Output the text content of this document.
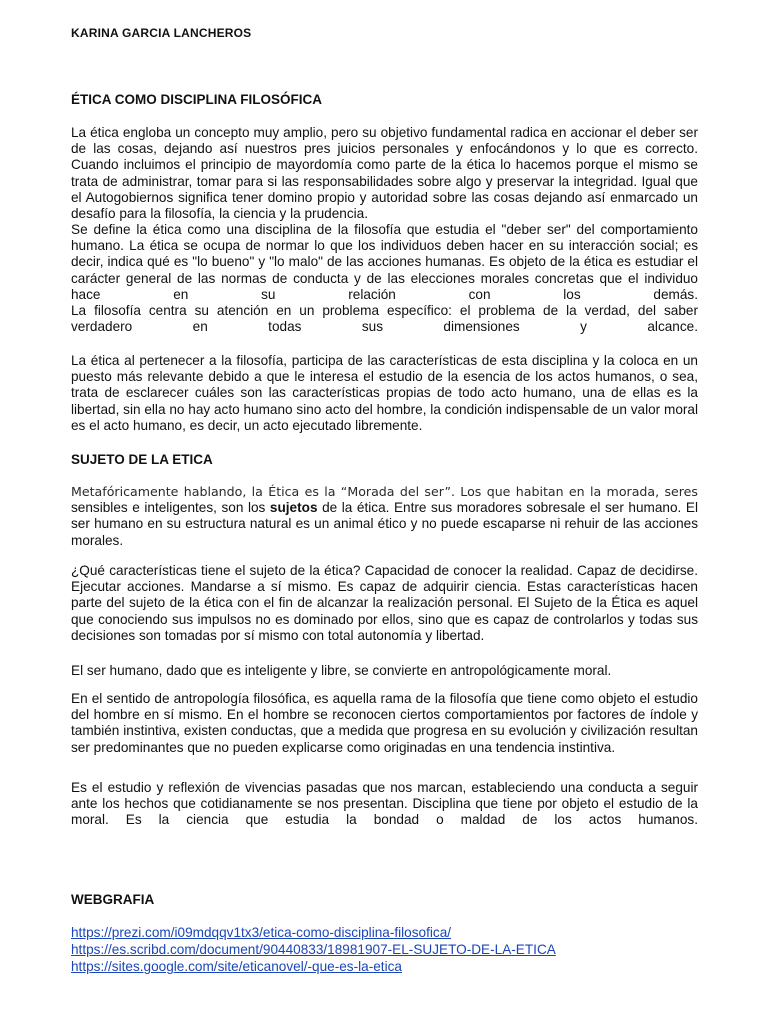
KARINA GARCIA LANCHEROS
ÉTICA COMO DISCIPLINA FILOSÓFICA

La ética engloba un concepto muy amplio, pero su objetivo fundamental radica en accionar el deber ser de las cosas, dejando así nuestros pres juicios personales y enfocándonos y lo que es correcto. Cuando incluimos el principio de mayordomía como parte de la ética lo hacemos porque el mismo se trata de administrar, tomar para si las responsabilidades sobre algo y preservar la integridad. Igual que el Autogobiernos significa tener domino propio y autoridad sobre las cosas dejando así enmarcado un desafío para la filosofía, la ciencia y la prudencia.

Se define la ética como una disciplina de la filosofía que estudia el "deber ser" del comportamiento humano. La ética se ocupa de normar lo que los individuos deben hacer en su interacción social; es decir, indica qué es "lo bueno" y "lo malo" de las acciones humanas. Es objeto de la ética es estudiar el carácter general de las normas de conducta y de las elecciones morales concretas que el individuo hace en su relación con los demás.

La filosofía centra su atención en un problema específico: el problema de la verdad, del saber verdadero en todas sus dimensiones y alcance.

La ética al pertenecer a la filosofía, participa de las características de esta disciplina y la coloca en un puesto más relevante debido a que le interesa el estudio de la esencia de los actos humanos, o sea, trata de esclarecer cuáles son las características propias de todo acto humano, una de ellas es la libertad, sin ella no hay acto humano sino acto del hombre, la condición indispensable de un valor moral es el acto humano, es decir, un acto ejecutado libremente.

SUJETO DE LA ETICA

Metafóricamente hablando, la Ética es la “Morada del ser”. Los que habitan en la morada, seres
sensibles e inteligentes, son los sujetos de la ética. Entre sus moradores sobresale el ser humano. El ser humano en su estructura natural es un animal ético y no puede escaparse ni rehuir de las acciones morales.

¿Qué características tiene el sujeto de la ética? Capacidad de conocer la realidad. Capaz de decidirse. Ejecutar acciones. Mandarse a sí mismo. Es capaz de adquirir ciencia. Estas características hacen parte del sujeto de la ética con el fin de alcanzar la realización personal. El Sujeto de la Ética es aquel que conociendo sus impulsos no es dominado por ellos, sino que es capaz de controlarlos y todas sus decisiones son tomadas por sí mismo con total autonomía y libertad.

El ser humano, dado que es inteligente y libre, se convierte en antropológicamente moral.

En el sentido de antropología filosófica, es aquella rama de la filosofía que tiene como objeto el estudio del hombre en sí mismo. En el hombre se reconocen ciertos comportamientos por factores de índole y también instintiva, existen conductas, que a medida que progresa en su evolución y civilización resultan ser predominantes que no pueden explicarse como originadas en una tendencia instintiva.

Es el estudio y reflexión de vivencias pasadas que nos marcan, estableciendo una conducta a seguir ante los hechos que cotidianamente se nos presentan. Disciplina que tiene por objeto el estudio de la moral. Es la ciencia que estudia la bondad o maldad de los actos humanos.

WEBGRAFIA
https://prezi.com/i09mdqqv1tx3/etica-como-disciplina-filosofica/
https://es.scribd.com/document/90440833/18981907-EL-SUJETO-DE-LA-ETICA
https://sites.google.com/site/eticanovel/-que-es-la-etica
